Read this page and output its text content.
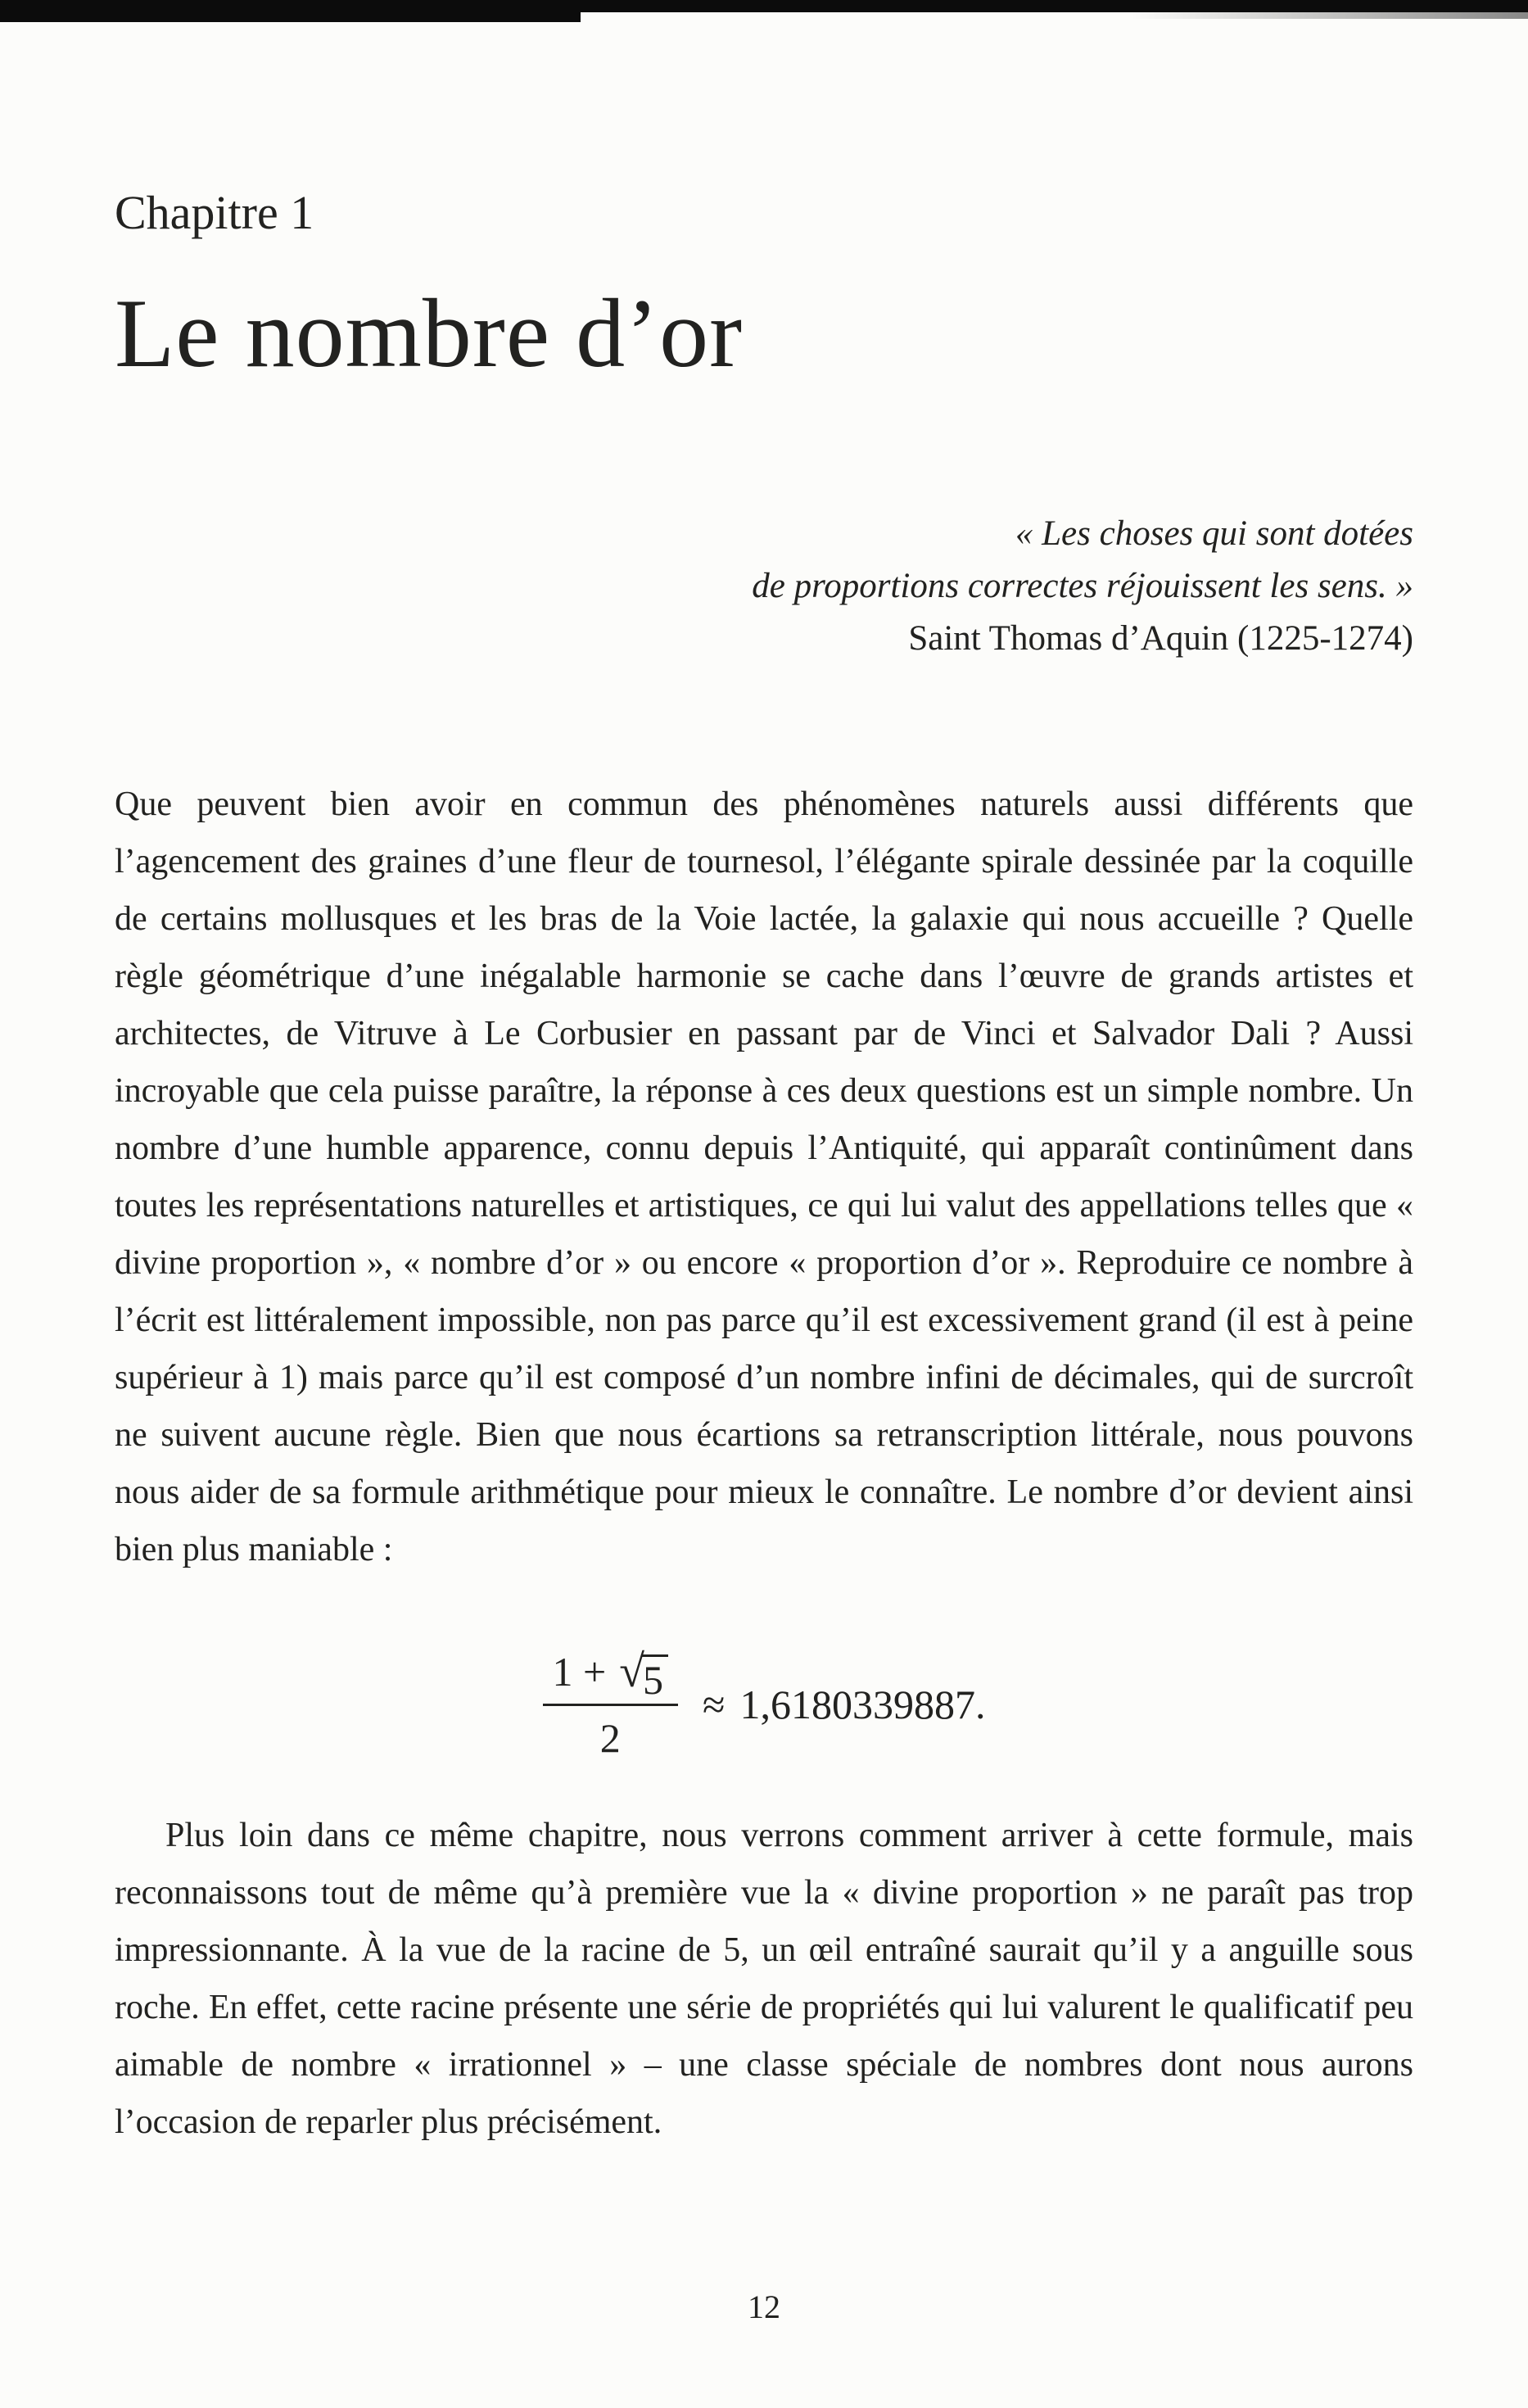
Chapitre 1
Le nombre d’or
« Les choses qui sont dotées
de proportions correctes réjouissent les sens. »
Saint Thomas d’Aquin (1225-1274)

Que peuvent bien avoir en commun des phénomènes naturels aussi différents que l’agencement des graines d’une fleur de tournesol, l’élégante spirale dessinée par la coquille de certains mollusques et les bras de la Voie lactée, la galaxie qui nous accueille ? Quelle règle géométrique d’une inégalable harmonie se cache dans l’œuvre de grands artistes et architectes, de Vitruve à Le Corbusier en passant par de Vinci et Salvador Dali ? Aussi incroyable que cela puisse paraître, la réponse à ces deux questions est un simple nombre. Un nombre d’une humble apparence, connu depuis l’Antiquité, qui apparaît continûment dans toutes les représentations naturelles et artistiques, ce qui lui valut des appellations telles que « divine proportion », « nombre d’or » ou encore « proportion d’or ». Reproduire ce nombre à l’écrit est littéralement impossible, non pas parce qu’il est excessivement grand (il est à peine supérieur à 1) mais parce qu’il est composé d’un nombre infini de décimales, qui de surcroît ne suivent aucune règle. Bien que nous écartions sa retranscription littérale, nous pouvons nous aider de sa formule arithmétique pour mieux le connaître. Le nombre d’or devient ainsi bien plus maniable :

1 + √
5
2 ≈ 1,6180339887.

Plus loin dans ce même chapitre, nous verrons comment arriver à cette formule, mais reconnaissons tout de même qu’à première vue la « divine proportion » ne paraît pas trop impressionnante. À la vue de la racine de 5, un œil entraîné saurait qu’il y a anguille sous roche. En effet, cette racine présente une série de propriétés qui lui valurent le qualificatif peu aimable de nombre « irrationnel » – une classe spéciale de nombres dont nous aurons l’occasion de reparler plus précisément.

12
